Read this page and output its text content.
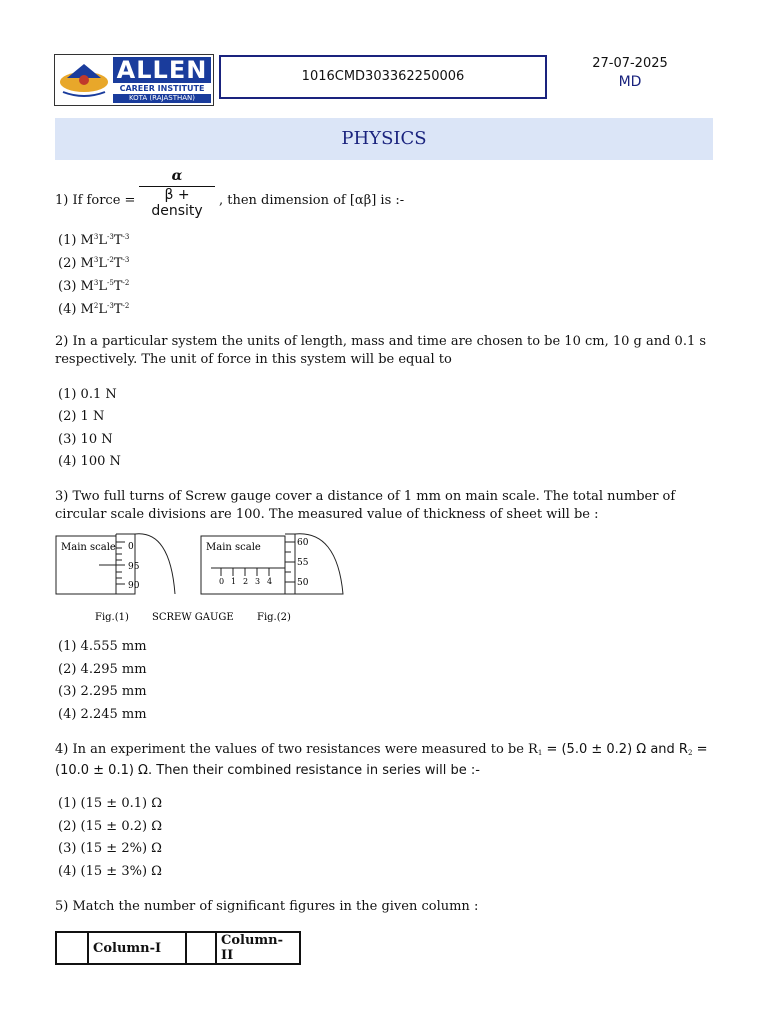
ALLEN
CAREER INSTITUTE
KOTA (RAJASTHAN)
1016CMD303362250006
27-07-2025
MD
PHYSICS
α
β + density
1) If force =	, then dimension of [αβ] is :-
(1) $M^3L^{-3}T^{-3}$
(2) $M^3L^{-2}T^{-3}$
(3) $M^3L^{-5}T^{-2}$
(4) $M^2L^{-3}T^{-2}$
2) In a particular system the units of length, mass and time are chosen to be 10 cm, 10 g and 0.1 s respectively. The unit of force in this system will be equal to
(1) 0.1 N
(2) 1 N
(3) 10 N
(4) 100 N
3) Two full turns of Screw gauge cover a distance of 1 mm on main scale. The total number of circular scale divisions are 100. The measured value of thickness of sheet will be :
Main scale 0
95
90
Main scale	60
55
50
0 1 2 3 4
Fig.(1) SCREW GAUGE Fig.(2)
(1) 4.555 mm
(2) 4.295 mm
(3) 2.295 mm
(4) 2.245 mm
4) In an experiment the values of two resistances were measured to be $R_1 = (5.0 \pm 0.2)$ Ω and $R_2 = (10.0 \pm 0.1)$ Ω. Then their combined resistance in series will be :-
(1) (15 ± 0.1) Ω
(2) (15 ± 0.2) Ω
(3) (15 ± 2%) Ω
(4) (15 ± 3%) Ω
5) Match the number of significant figures in the given column :
	Column-I		Column-II
